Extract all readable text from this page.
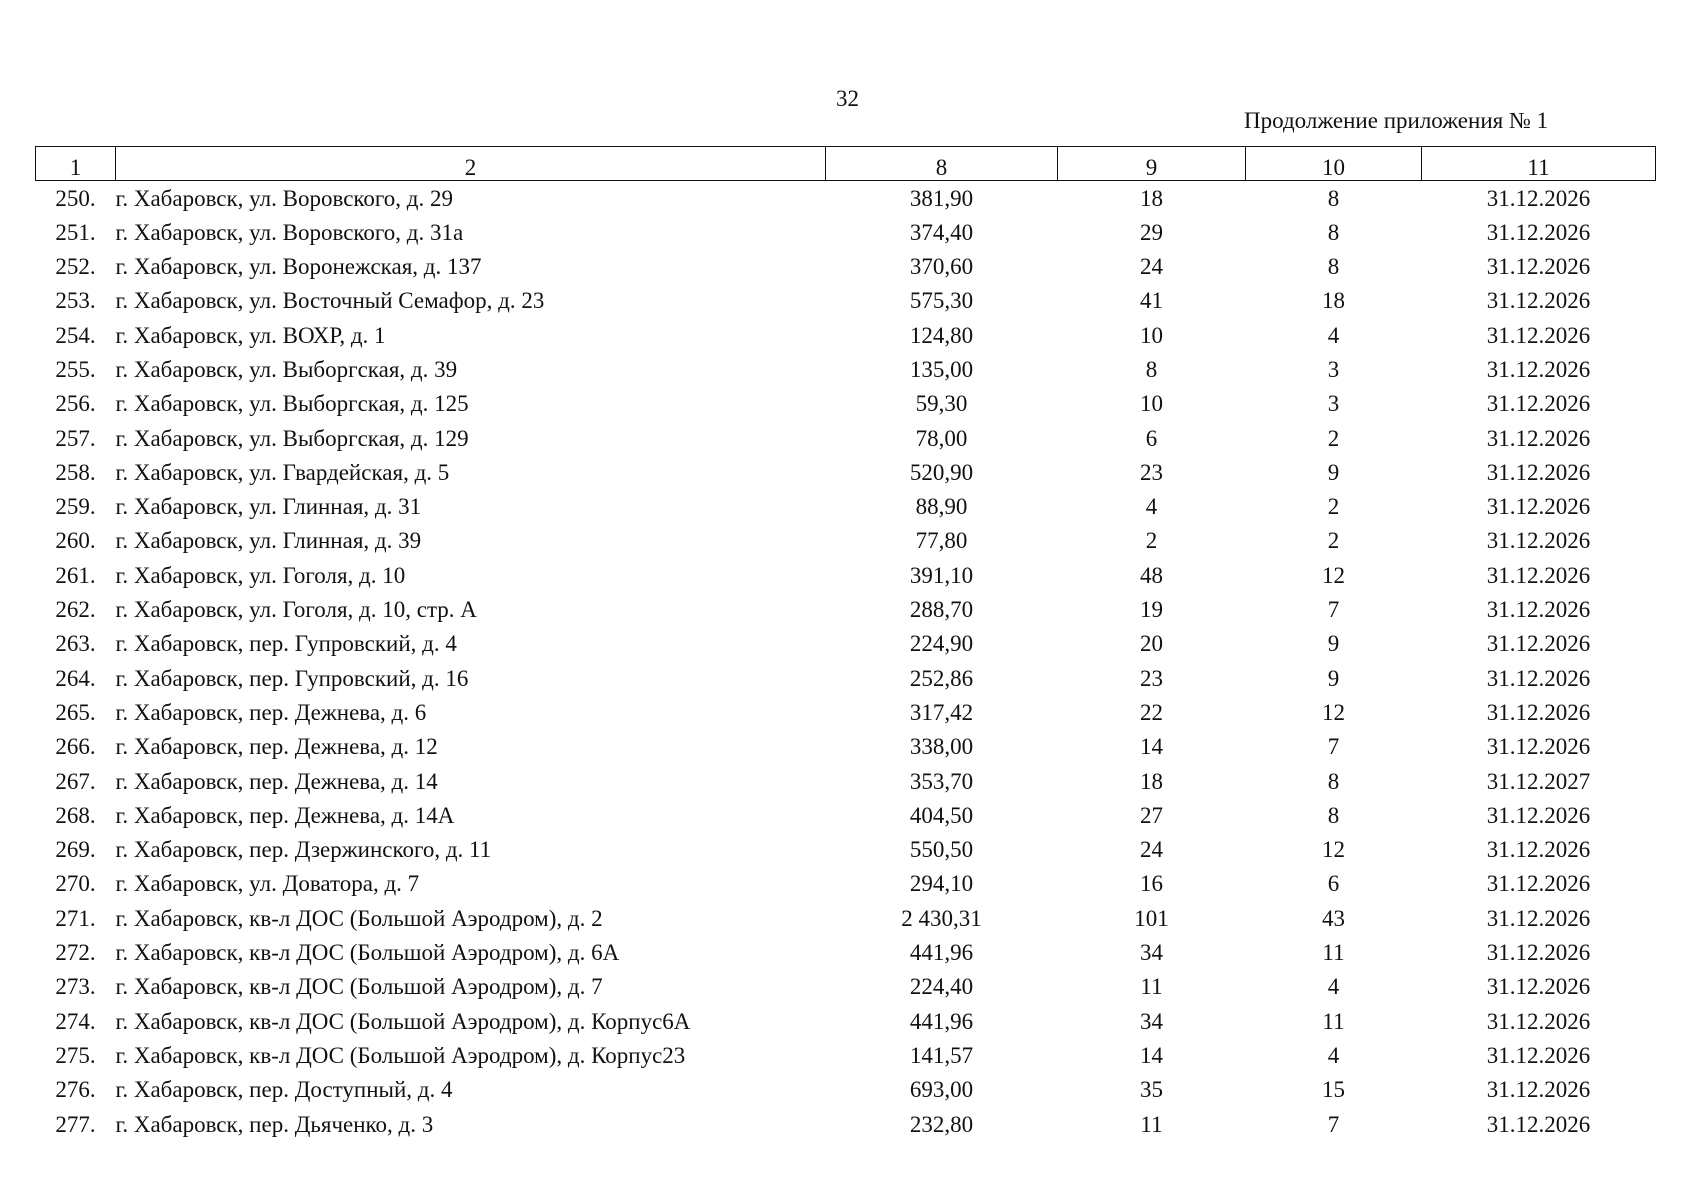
32
Продолжение приложения № 1
1	2	8	9	10	11
250.	г. Хабаровск, ул. Воровского, д. 29	381,90	18	8	31.12.2026
251.	г. Хабаровск, ул. Воровского, д. 31а	374,40	29	8	31.12.2026
252.	г. Хабаровск, ул. Воронежская, д. 137	370,60	24	8	31.12.2026
253.	г. Хабаровск, ул. Восточный Семафор, д. 23	575,30	41	18	31.12.2026
254.	г. Хабаровск, ул. ВОХР, д. 1	124,80	10	4	31.12.2026
255.	г. Хабаровск, ул. Выборгская, д. 39	135,00	8	3	31.12.2026
256.	г. Хабаровск, ул. Выборгская, д. 125	59,30	10	3	31.12.2026
257.	г. Хабаровск, ул. Выборгская, д. 129	78,00	6	2	31.12.2026
258.	г. Хабаровск, ул. Гвардейская, д. 5	520,90	23	9	31.12.2026
259.	г. Хабаровск, ул. Глинная, д. 31	88,90	4	2	31.12.2026
260.	г. Хабаровск, ул. Глинная, д. 39	77,80	2	2	31.12.2026
261.	г. Хабаровск, ул. Гоголя, д. 10	391,10	48	12	31.12.2026
262.	г. Хабаровск, ул. Гоголя, д. 10, стр. А	288,70	19	7	31.12.2026
263.	г. Хабаровск, пер. Гупровский, д. 4	224,90	20	9	31.12.2026
264.	г. Хабаровск, пер. Гупровский, д. 16	252,86	23	9	31.12.2026
265.	г. Хабаровск, пер. Дежнева, д. 6	317,42	22	12	31.12.2026
266.	г. Хабаровск, пер. Дежнева, д. 12	338,00	14	7	31.12.2026
267.	г. Хабаровск, пер. Дежнева, д. 14	353,70	18	8	31.12.2027
268.	г. Хабаровск, пер. Дежнева, д. 14А	404,50	27	8	31.12.2026
269.	г. Хабаровск, пер. Дзержинского, д. 11	550,50	24	12	31.12.2026
270.	г. Хабаровск, ул. Доватора, д. 7	294,10	16	6	31.12.2026
271.	г. Хабаровск, кв-л ДОС (Большой Аэродром), д. 2	2 430,31	101	43	31.12.2026
272.	г. Хабаровск, кв-л ДОС (Большой Аэродром), д. 6А	441,96	34	11	31.12.2026
273.	г. Хабаровск, кв-л ДОС (Большой Аэродром), д. 7	224,40	11	4	31.12.2026
274.	г. Хабаровск, кв-л ДОС (Большой Аэродром), д. Корпус6А	441,96	34	11	31.12.2026
275.	г. Хабаровск, кв-л ДОС (Большой Аэродром), д. Корпус23	141,57	14	4	31.12.2026
276.	г. Хабаровск, пер. Доступный, д. 4	693,00	35	15	31.12.2026
277.	г. Хабаровск, пер. Дьяченко, д. 3	232,80	11	7	31.12.2026
